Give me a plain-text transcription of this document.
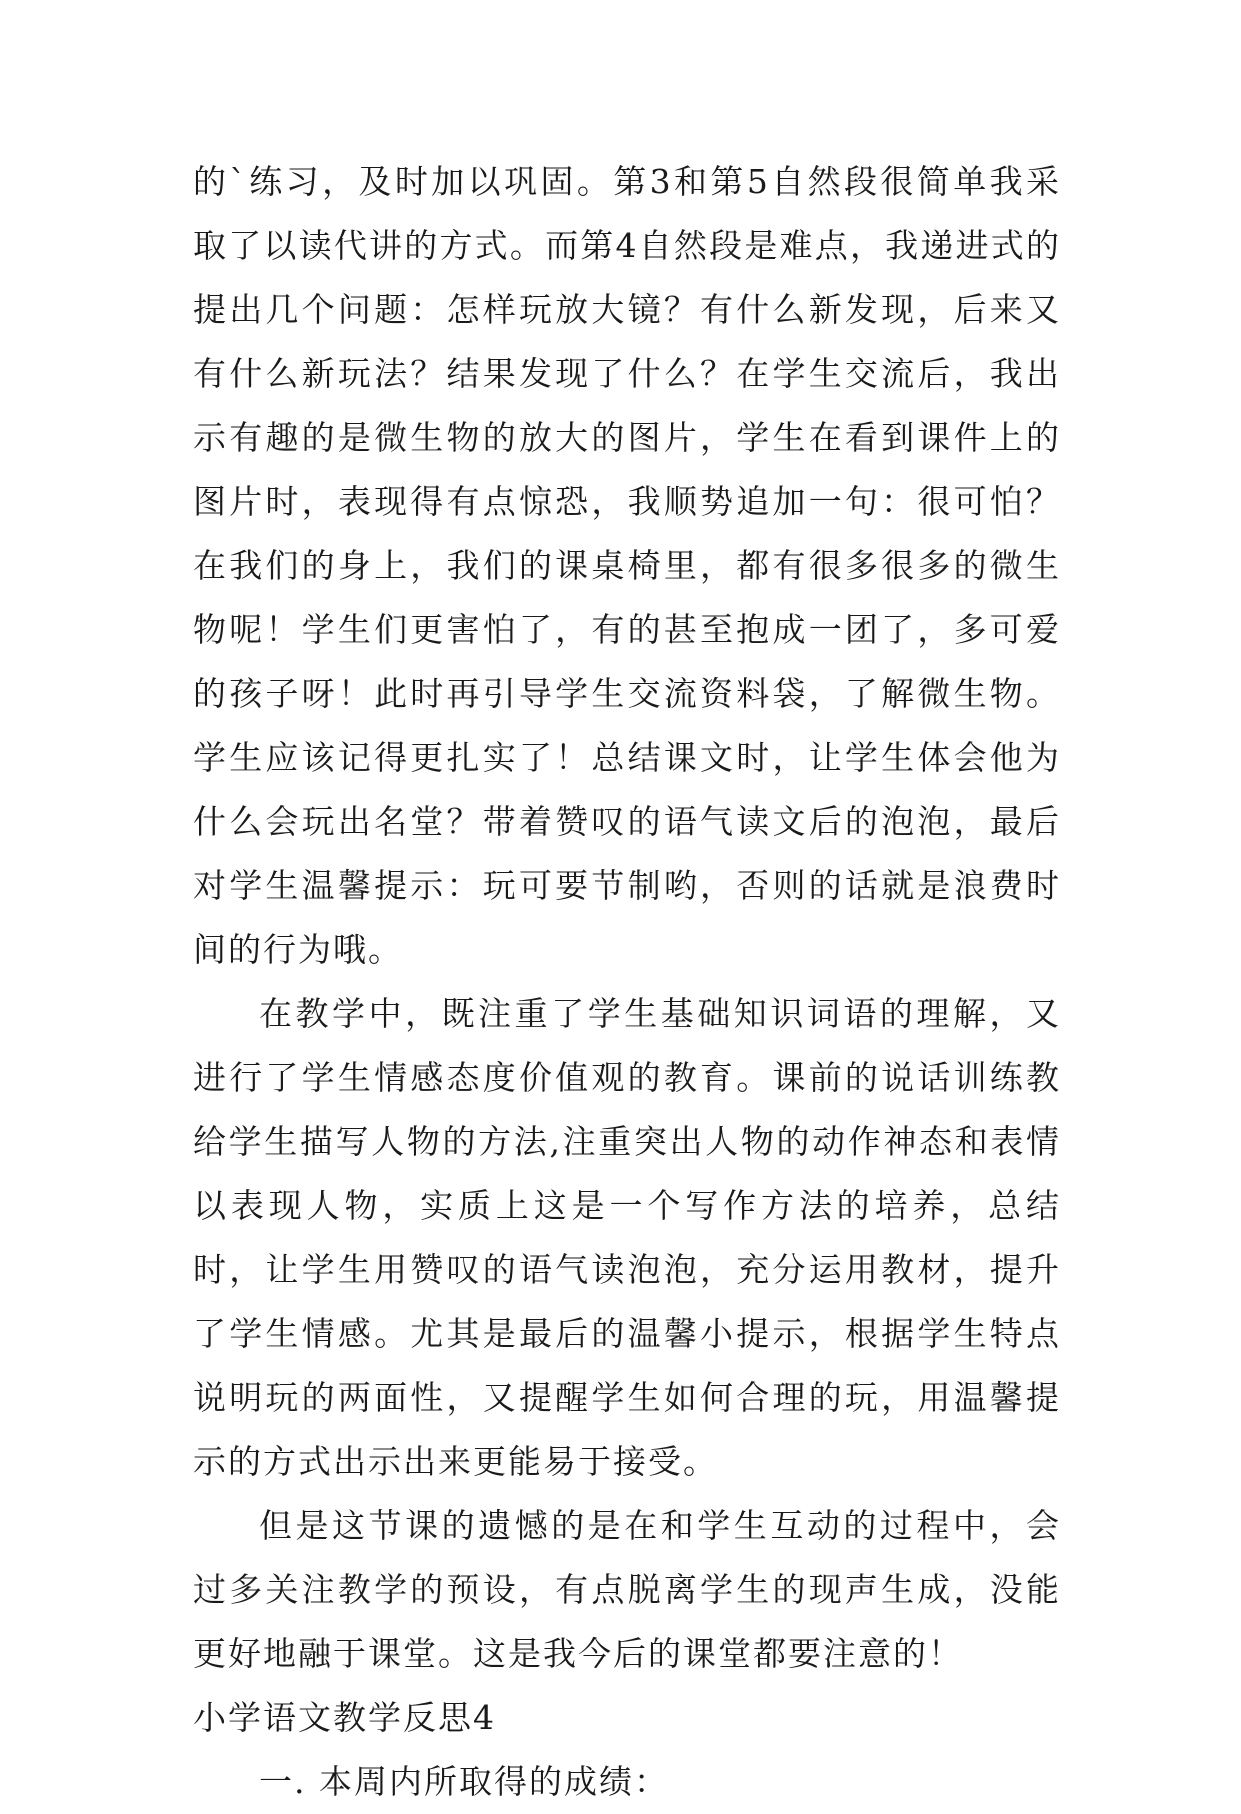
的`练习，及时加以巩固。第3和第5自然段很简单我采取了以读代讲的方式。而第4自然段是难点，我递进式的提出几个问题：怎样玩放大镜？有什么新发现，后来又有什么新玩法？结果发现了什么？在学生交流后，我出示有趣的是微生物的放大的图片，学生在看到课件上的图片时，表现得有点惊恐，我顺势追加一句：很可怕？在我们的身上，我们的课桌椅里，都有很多很多的微生物呢！学生们更害怕了，有的甚至抱成一团了，多可爱的孩子呀！此时再引导学生交流资料袋，了解微生物。学生应该记得更扎实了！总结课文时，让学生体会他为什么会玩出名堂？带着赞叹的语气读文后的泡泡，最后对学生温馨提示：玩可要节制哟，否则的话就是浪费时间的行为哦。

在教学中，既注重了学生基础知识词语的理解，又进行了学生情感态度价值观的教育。课前的说话训练教给学生描写人物的方法,注重突出人物的动作神态和表情以表现人物，实质上这是一个写作方法的培养，总结时，让学生用赞叹的语气读泡泡，充分运用教材，提升了学生情感。尤其是最后的温馨小提示，根据学生特点说明玩的两面性，又提醒学生如何合理的玩，用温馨提示的方式出示出来更能易于接受。

但是这节课的遗憾的是在和学生互动的过程中，会过多关注教学的预设，有点脱离学生的现声生成，没能更好地融于课堂。这是我今后的课堂都要注意的！

小学语文教学反思4

一. 本周内所取得的成绩：
